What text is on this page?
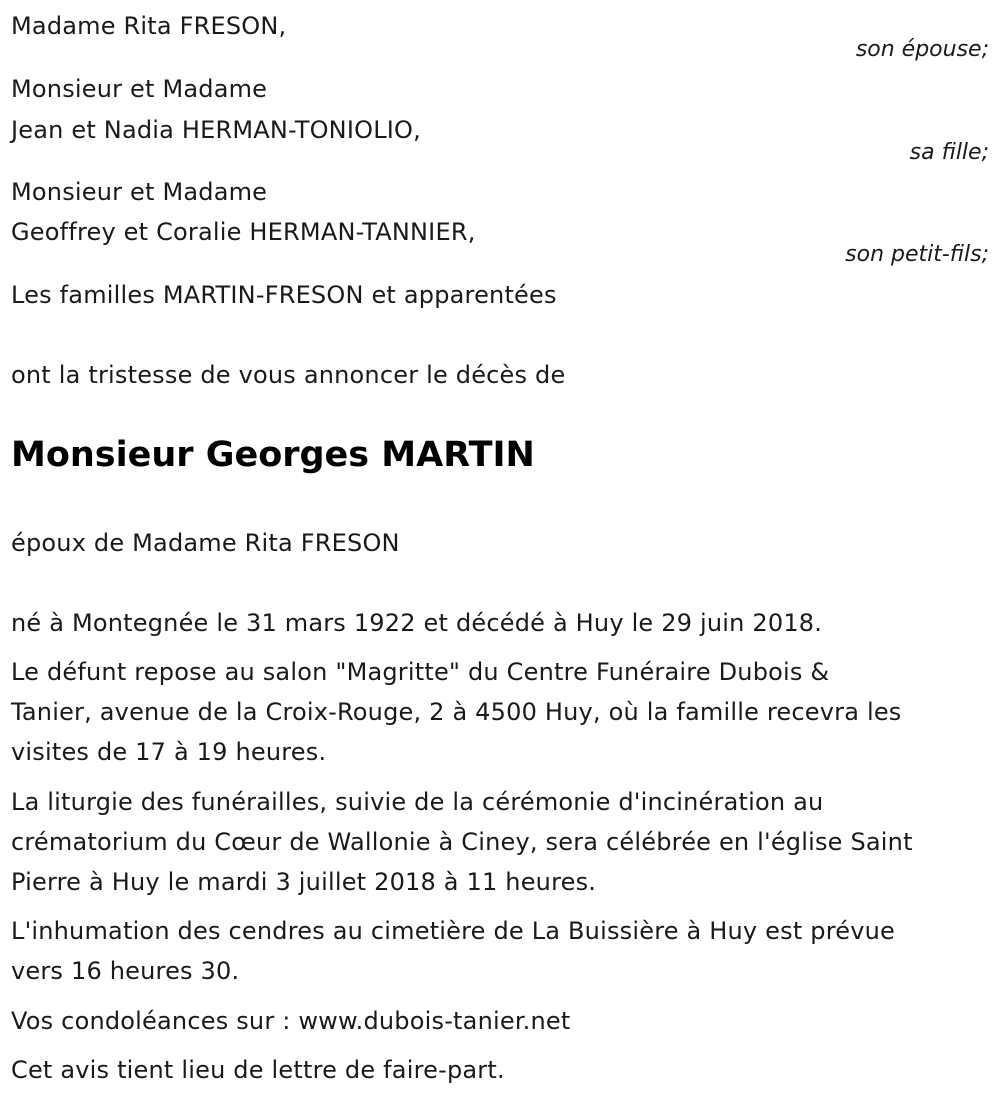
Madame Rita FRESON,
son épouse;
Monsieur et Madame
Jean et Nadia HERMAN-TONIOLIO,
sa fille;
Monsieur et Madame
Geoffrey et Coralie HERMAN-TANNIER,
son petit-fils;
Les familles MARTIN-FRESON et apparentées
ont la tristesse de vous annoncer le décès de
Monsieur Georges MARTIN
époux de Madame Rita FRESON
né à Montegnée le 31 mars 1922 et décédé à Huy le 29 juin 2018.
Le défunt repose au salon "Magritte" du Centre Funéraire Dubois &
Tanier, avenue de la Croix-Rouge, 2 à 4500 Huy, où la famille recevra les
visites de 17 à 19 heures.
La liturgie des funérailles, suivie de la cérémonie d'incinération au
crématorium du Cœur de Wallonie à Ciney, sera célébrée en l'église Saint
Pierre à Huy le mardi 3 juillet 2018 à 11 heures.
L'inhumation des cendres au cimetière de La Buissière à Huy est prévue
vers 16 heures 30.
Vos condoléances sur : www.dubois-tanier.net
Cet avis tient lieu de lettre de faire-part.
